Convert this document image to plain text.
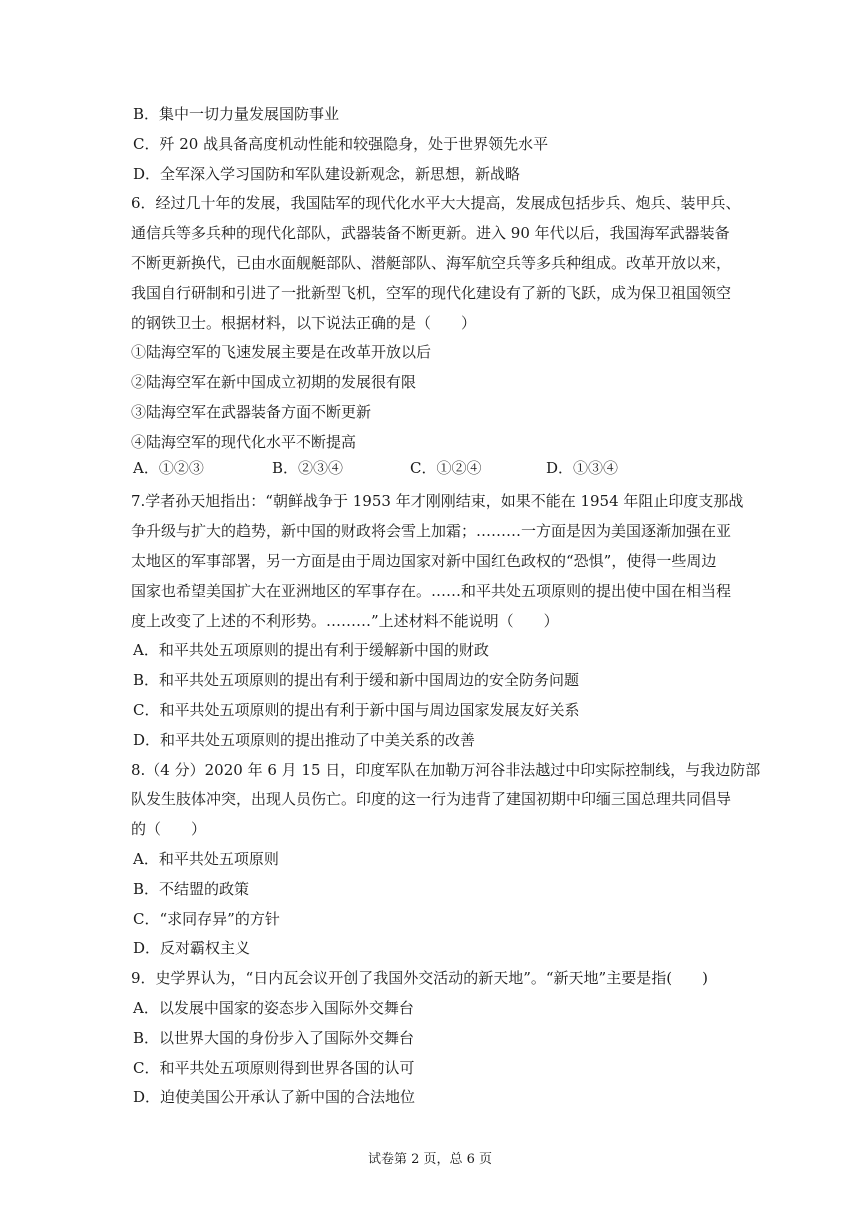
B．集中一切力量发展国防事业
C．歼 20 战具备高度机动性能和较强隐身，处于世界领先水平
D．全军深入学习国防和军队建设新观念，新思想，新战略
6．经过几十年的发展，我国陆军的现代化水平大大提高，发展成包括步兵、炮兵、装甲兵、
通信兵等多兵种的现代化部队，武器装备不断更新。进入 90 年代以后，我国海军武器装备
不断更新换代，已由水面舰艇部队、潜艇部队、海军航空兵等多兵种组成。改革开放以来，
我国自行研制和引进了一批新型飞机，空军的现代化建设有了新的飞跃，成为保卫祖国领空
的钢铁卫士。根据材料，以下说法正确的是（　　）
①陆海空军的飞速发展主要是在改革开放以后
②陆海空军在新中国成立初期的发展很有限
③陆海空军在武器装备方面不断更新
④陆海空军的现代化水平不断提高
7.学者孙天旭指出：“朝鲜战争于 1953 年才刚刚结束，如果不能在 1954 年阻止印度支那战
争升级与扩大的趋势，新中国的财政将会雪上加霜；………一方面是因为美国逐渐加强在亚
太地区的军事部署，另一方面是由于周边国家对新中国红色政权的“恐惧”，使得一些周边
国家也希望美国扩大在亚洲地区的军事存在。……和平共处五项原则的提出使中国在相当程
度上改变了上述的不利形势。………”上述材料不能说明（　　）
A．和平共处五项原则的提出有利于缓解新中国的财政
B．和平共处五项原则的提出有利于缓和新中国周边的安全防务问题
C．和平共处五项原则的提出有利于新中国与周边国家发展友好关系
D．和平共处五项原则的提出推动了中美关系的改善
8.（4 分）2020 年 6 月 15 日，印度军队在加勒万河谷非法越过中印实际控制线，与我边防部
队发生肢体冲突，出现人员伤亡。印度的这一行为违背了建国初期中印缅三国总理共同倡导
的（　　）
A．和平共处五项原则
B．不结盟的政策
C．“求同存异”的方针
D．反对霸权主义
9．史学界认为，“日内瓦会议开创了我国外交活动的新天地”。“新天地”主要是指(　　)
A．以发展中国家的姿态步入国际外交舞台
B．以世界大国的身份步入了国际外交舞台
C．和平共处五项原则得到世界各国的认可
D．迫使美国公开承认了新中国的合法地位
A．①②③	B．②③④	C．①②④	D．①③④
试卷第 2 页，总 6 页
